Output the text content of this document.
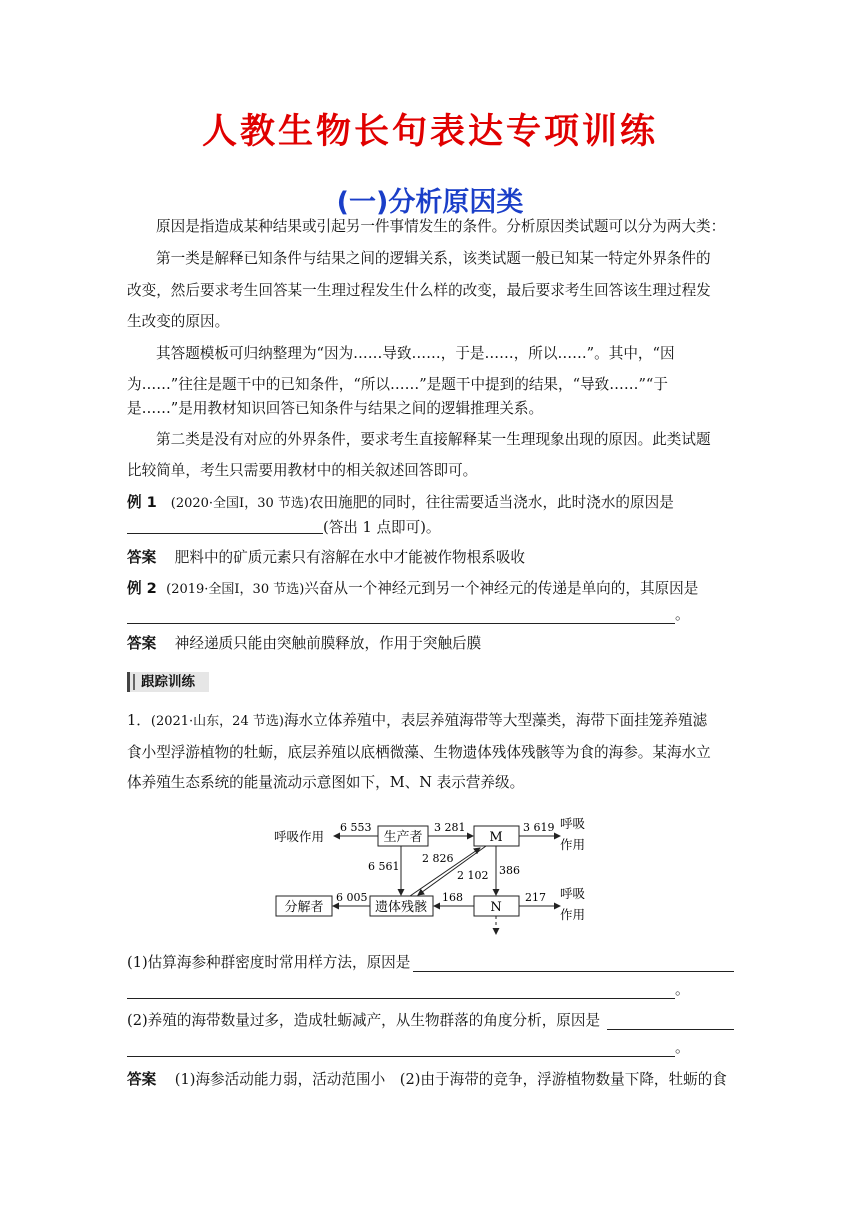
人教生物长句表达专项训练
(一)分析原因类
原因是指造成某种结果或引起另一件事情发生的条件。分析原因类试题可以分为两大类：
第一类是解释已知条件与结果之间的逻辑关系，该类试题一般已知某一特定外界条件的
改变，然后要求考生回答某一生理过程发生什么样的改变，最后要求考生回答该生理过程发
生改变的原因。
其答题模板可归纳整理为“因为……导致……，于是……，所以……”。其中，“因
为……”往往是题干中的已知条件，“所以……”是题干中提到的结果，“导致……”“于
是……”是用教材知识回答已知条件与结果之间的逻辑推理关系。
第二类是没有对应的外界条件，要求考生直接解释某一生理现象出现的原因。此类试题
比较简单，考生只需要用教材中的相关叙述回答即可。
例 1 (2020·全国Ⅰ，30 节选)农田施肥的同时，往往需要适当浇水，此时浇水的原因是
(答出 1 点即可)。
答案 肥料中的矿质元素只有溶解在水中才能被作物根系吸收
例 2 (2019·全国Ⅰ，30 节选)兴奋从一个神经元到另一个神经元的传递是单向的，其原因是
。
答案 神经递质只能由突触前膜释放，作用于突触后膜
跟踪训练
1．(2021·山东，24 节选)海水立体养殖中，表层养殖海带等大型藻类，海带下面挂笼养殖滤
食小型浮游植物的牡蛎，底层养殖以底栖微藻、生物遗体残体残骸等为食的海参。某海水立
体养殖生态系统的能量流动示意图如下，M、N 表示营养级。
生产者	M
遗体残骸	N
分解者
呼吸作用
6 553	3 281	3 619 呼吸
作用
6 561
2 826
2 102 386
168
6 005	217 呼吸
作用
(1)估算海参种群密度时常用样方法，原因是
。
(2)养殖的海带数量过多，造成牡蛎减产，从生物群落的角度分析，原因是
。
答案 (1)海参活动能力弱，活动范围小　(2)由于海带的竞争，浮游植物数量下降，牡蛎的食
